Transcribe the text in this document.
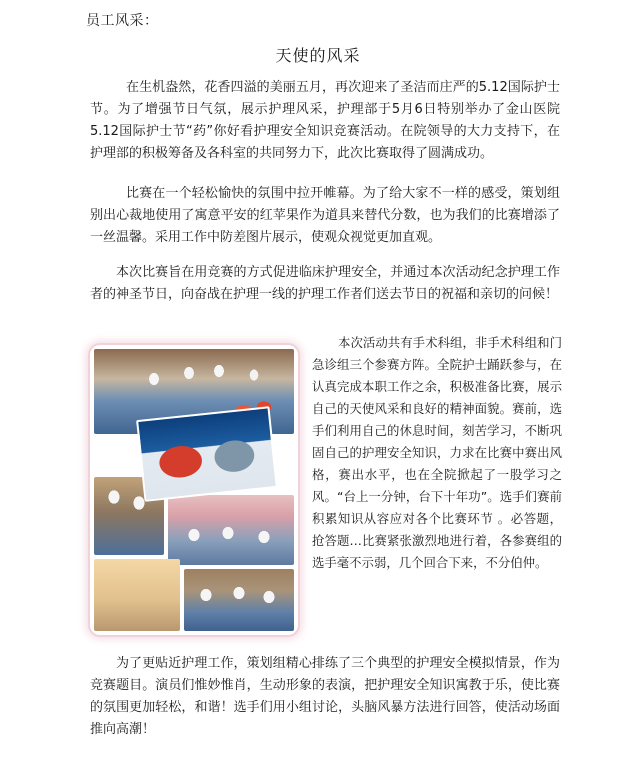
员工风采：
天使的风采

在生机盎然，花香四溢的美丽五月，再次迎来了圣洁而庄严的5.12国际护士节。为了增强节日气氛，展示护理风采，护理部于5月6日特别举办了金山医院5.12国际护士节“药”你好看护理安全知识竞赛活动。在院领导的大力支持下，在护理部的积极筹备及各科室的共同努力下，此次比赛取得了圆满成功。

比赛在一个轻松愉快的氛围中拉开帷幕。为了给大家不一样的感受，策划组别出心裁地使用了寓意平安的红苹果作为道具来替代分数，也为我们的比赛增添了一丝温馨。采用工作中防差图片展示，使观众视觉更加直观。

本次比赛旨在用竞赛的方式促进临床护理安全，并通过本次活动纪念护理工作者的神圣节日，向奋战在护理一线的护理工作者们送去节日的祝福和亲切的问候！

本次活动共有手术科组，非手术科组和门急诊组三个参赛方阵。全院护士踊跃参与，在认真完成本职工作之余，积极准备比赛，展示自己的天使风采和良好的精神面貌。赛前，选手们利用自己的休息时间，刻苦学习，不断巩固自己的护理安全知识，力求在比赛中赛出风格，赛出水平，也在全院掀起了一股学习之风。“台上一分钟，台下十年功”。选手们赛前积累知识从容应对各个比赛环节 。必答题，抢答题…比赛紧张激烈地进行着，各参赛组的选手毫不示弱，几个回合下来，不分伯仲。

为了更贴近护理工作，策划组精心排练了三个典型的护理安全模拟情景，作为竞赛题目。演员们惟妙惟肖，生动形象的表演，把护理安全知识寓教于乐，使比赛的氛围更加轻松，和谐！选手们用小组讨论，头脑风暴方法进行回答，使活动场面推向高潮！
